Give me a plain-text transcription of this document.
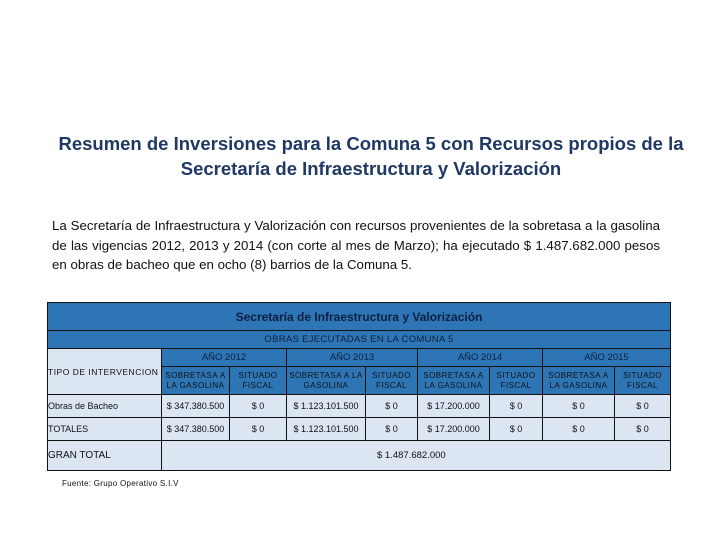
Resumen de Inversiones para la Comuna 5 con Recursos propios de la Secretaría de Infraestructura y Valorización
La Secretaría de Infraestructura y Valorización con recursos provenientes de la sobretasa a la gasolina de las vigencias 2012, 2013 y 2014 (con corte al mes de Marzo); ha ejecutado $ 1.487.682.000 pesos en obras de bacheo que en ocho (8) barrios de la Comuna 5.
Secretaría de Infraestructura y Valorización								
OBRAS EJECUTADAS EN LA COMUNA 5								
TIPO DE INTERVENCION	AÑO 2012		AÑO 2013		AÑO 2014		AÑO 2015	
	SOBRETASA A LA GASOLINA	SITUADO FISCAL	SOBRETASA A LA GASOLINA	SITUADO FISCAL	SOBRETASA A LA GASOLINA	SITUADO FISCAL	SOBRETASA A LA GASOLINA	SITUADO FISCAL
Obras de Bacheo	$ 347.380.500	$ 0	$ 1.123.101.500	$ 0	$ 17.200.000	$ 0	$ 0	$ 0
TOTALES	$ 347.380.500	$ 0	$ 1.123.101.500	$ 0	$ 17.200.000	$ 0	$ 0	$ 0
GRAN TOTAL	$ 1.487.682.000							
Fuente: Grupo Operativo S.I.V
